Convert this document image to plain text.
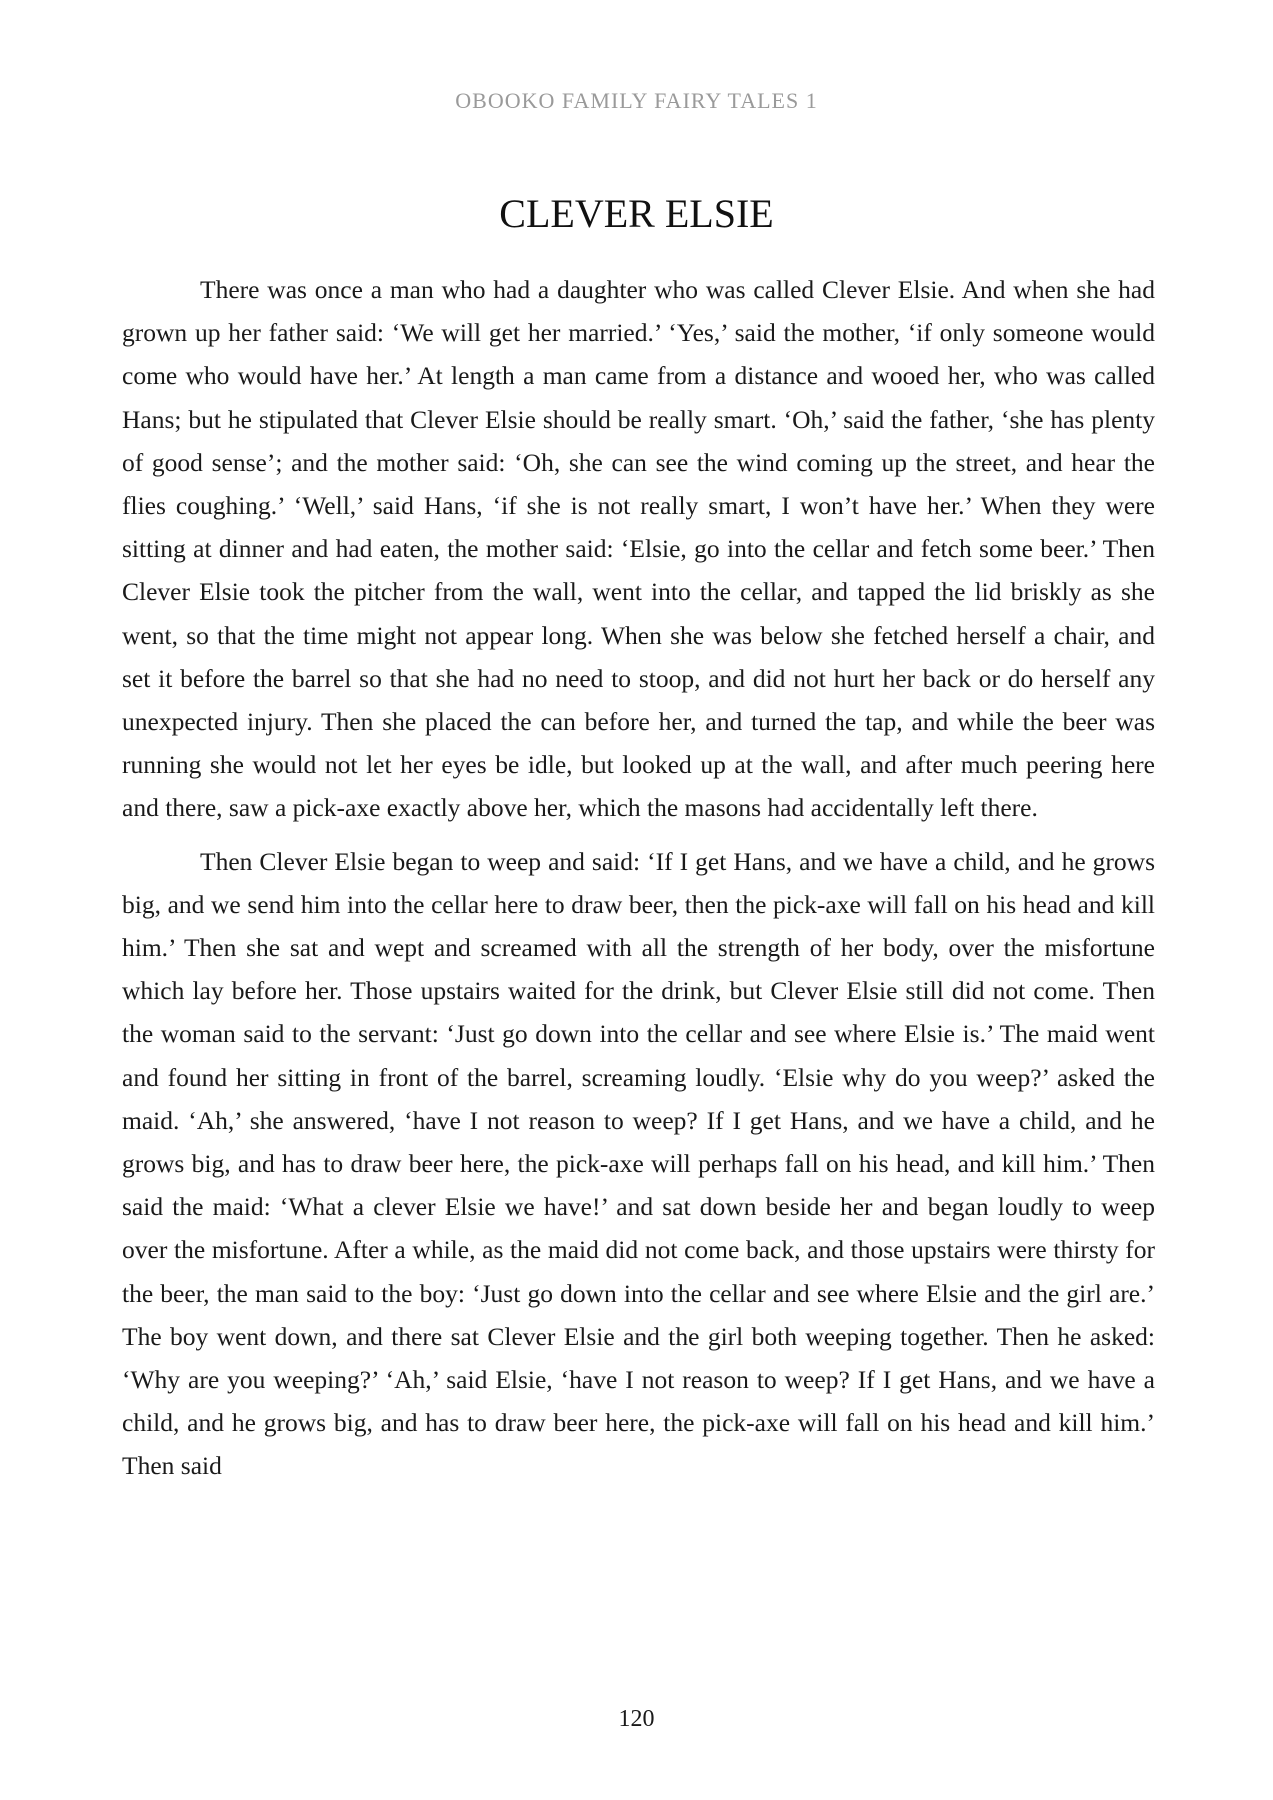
OBOOKO FAMILY FAIRY TALES 1
CLEVER ELSIE

There was once a man who had a daughter who was called Clever Elsie. And when she had grown up her father said: ‘We will get her married.’ ‘Yes,’ said the mother, ‘if only someone would come who would have her.’ At length a man came from a distance and wooed her, who was called Hans; but he stipulated that Clever Elsie should be really smart. ‘Oh,’ said the father, ‘she has plenty of good sense’; and the mother said: ‘Oh, she can see the wind coming up the street, and hear the flies coughing.’ ‘Well,’ said Hans, ‘if she is not really smart, I won’t have her.’ When they were sitting at dinner and had eaten, the mother said: ‘Elsie, go into the cellar and fetch some beer.’ Then Clever Elsie took the pitcher from the wall, went into the cellar, and tapped the lid briskly as she went, so that the time might not appear long. When she was below she fetched herself a chair, and set it before the barrel so that she had no need to stoop, and did not hurt her back or do herself any unexpected injury. Then she placed the can before her, and turned the tap, and while the beer was running she would not let her eyes be idle, but looked up at the wall, and after much peering here and there, saw a pick-axe exactly above her, which the masons had accidentally left there.

Then Clever Elsie began to weep and said: ‘If I get Hans, and we have a child, and he grows big, and we send him into the cellar here to draw beer, then the pick-axe will fall on his head and kill him.’ Then she sat and wept and screamed with all the strength of her body, over the misfortune which lay before her. Those upstairs waited for the drink, but Clever Elsie still did not come. Then the woman said to the servant: ‘Just go down into the cellar and see where Elsie is.’ The maid went and found her sitting in front of the barrel, screaming loudly. ‘Elsie why do you weep?’ asked the maid. ‘Ah,’ she answered, ‘have I not reason to weep? If I get Hans, and we have a child, and he grows big, and has to draw beer here, the pick-axe will perhaps fall on his head, and kill him.’ Then said the maid: ‘What a clever Elsie we have!’ and sat down beside her and began loudly to weep over the misfortune. After a while, as the maid did not come back, and those upstairs were thirsty for the beer, the man said to the boy: ‘Just go down into the cellar and see where Elsie and the girl are.’ The boy went down, and there sat Clever Elsie and the girl both weeping together. Then he asked: ‘Why are you weeping?’ ‘Ah,’ said Elsie, ‘have I not reason to weep? If I get Hans, and we have a child, and he grows big, and has to draw beer here, the pick-axe will fall on his head and kill him.’ Then said

120
